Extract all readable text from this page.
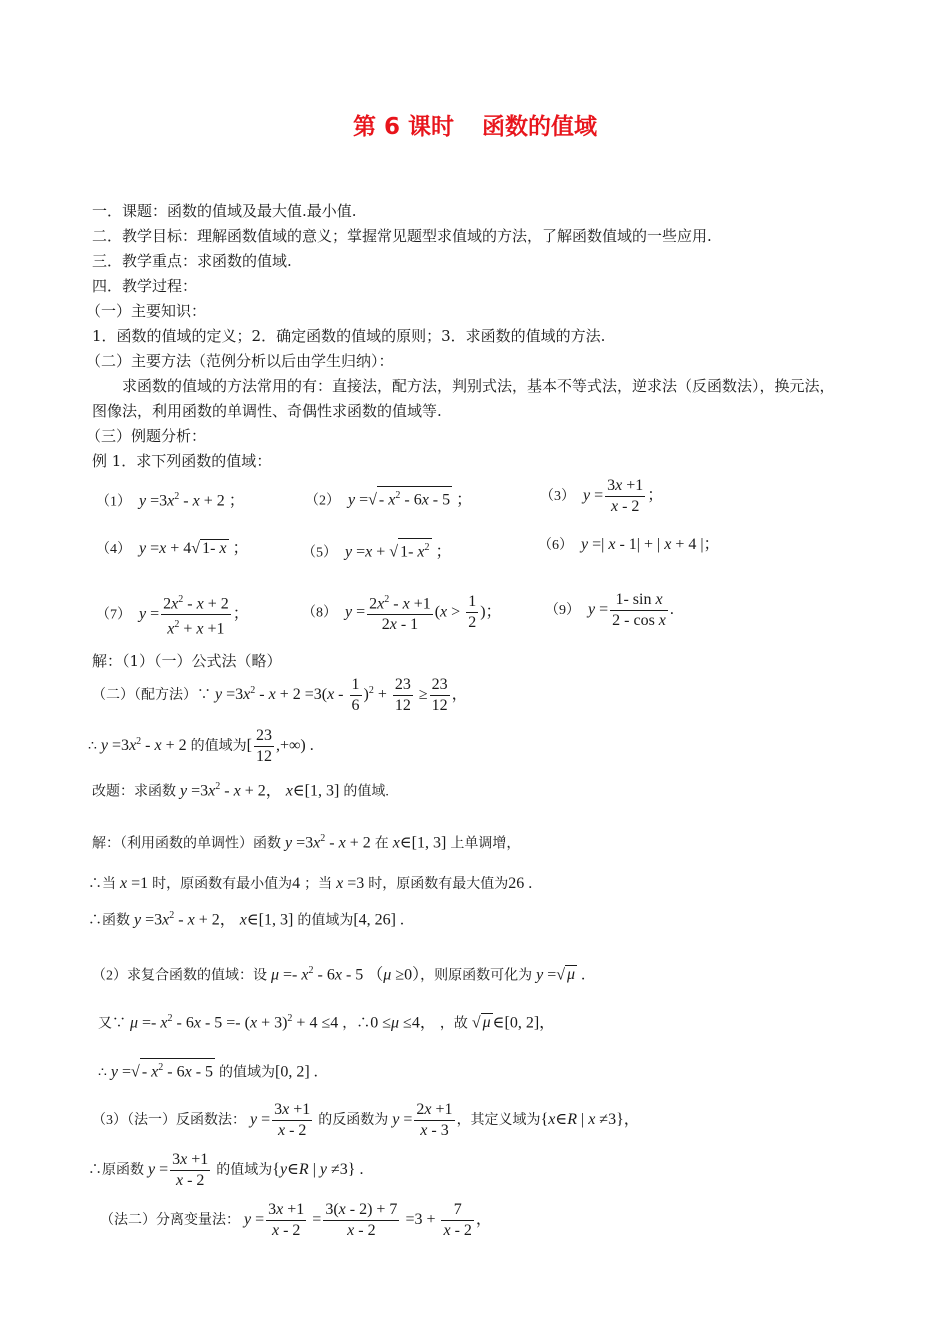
第 6 课时 函数的值域
一．课题：函数的值域及最大值.最小值.
二．教学目标：理解函数值域的意义；掌握常见题型求值域的方法，了解函数值域的一些应用.
三．教学重点：求函数的值域.
四．教学过程：
（一）主要知识：
1．函数的值域的定义；2．确定函数的值域的原则；3．求函数的值域的方法.
（二）主要方法（范例分析以后由学生归纳）：
求函数的值域的方法常用的有：直接法，配方法，判别式法，基本不等式法，逆求法（反函数法），换元法，
图像法，利用函数的单调性、奇偶性求函数的值域等.
（三）例题分析：
例 1．求下列函数的值域：
（1） $y =3x^2 - x + 2$ ；	（2） y =√ - $x^2 - 6x - 5$ ；	（3） $y = \frac{3x +1}{x - 2}$ ；
（4） y =x + 4√ 1- x ；	（5） y =x + √ 1- $x^2$ ；	（6） y =| x - 1| + | x + 4 |；
（7） $y = \frac{2x^2 - x + 2}{x^2 + x +1}$ ；	（8） $y = \frac{2x^2 - x +1}{2x - 1} (x > \frac{1}{2}$ )；	（9） $y = \frac{\text{1- sin x}}{\text{2 - cos x}}$ .
解：（1）（一）公式法（略）
（二）（配方法）∵ $y =3x^2 - x + 2 =3(x - \frac{1}{6} )^2 + \frac{23}{12} \ge \frac{23}{12}$ ，
∴ $y =3x^2 - x + 2$ 的值域为[ $\frac{23}{12}$ ,+∞) .
改题：求函数 $y =3x^2 - x + 2$， x∈[1, 3] 的值域.
解：（利用函数的单调性）函数 $y =3x^2 - x + 2$ 在 x∈[1, 3] 上单调增，
∴当 x =1 时，原函数有最小值为4 ；当 x =3 时，原函数有最大值为26 .
∴函数 $y =3x^2 - x + 2$， x∈[1, 3] 的值域为[4, 26] .
（2）求复合函数的值域：设 $\mu =- x^2 - 6x - 5$ （μ ≥0），则原函数可化为 y =√ μ .
又∵ $\mu =- x^2 - 6x - 5 =- (x + 3)^2 + 4 \le 4$ ，∴0 ≤μ ≤4， ，故 √ μ ∈[0, 2]，
∴ y =√ - $x^2 - 6x - 5$ 的值域为[0, 2] .
（3）（法一）反函数法： $y = \frac{3x +1}{x - 2}$ 的反函数为 $y = \frac{2x +1}{x - 3}$ ，其定义域为{x∈R | x ≠3}，
∴原函数 $y = \frac{3x +1}{x - 2}$ 的值域为{y∈R | y ≠3} .
（法二）分离变量法： $y = \frac{3x +1}{x - 2} = \frac{3(x - 2) + 7}{x - 2} =3 + \frac{7}{x - 2}$ ，
